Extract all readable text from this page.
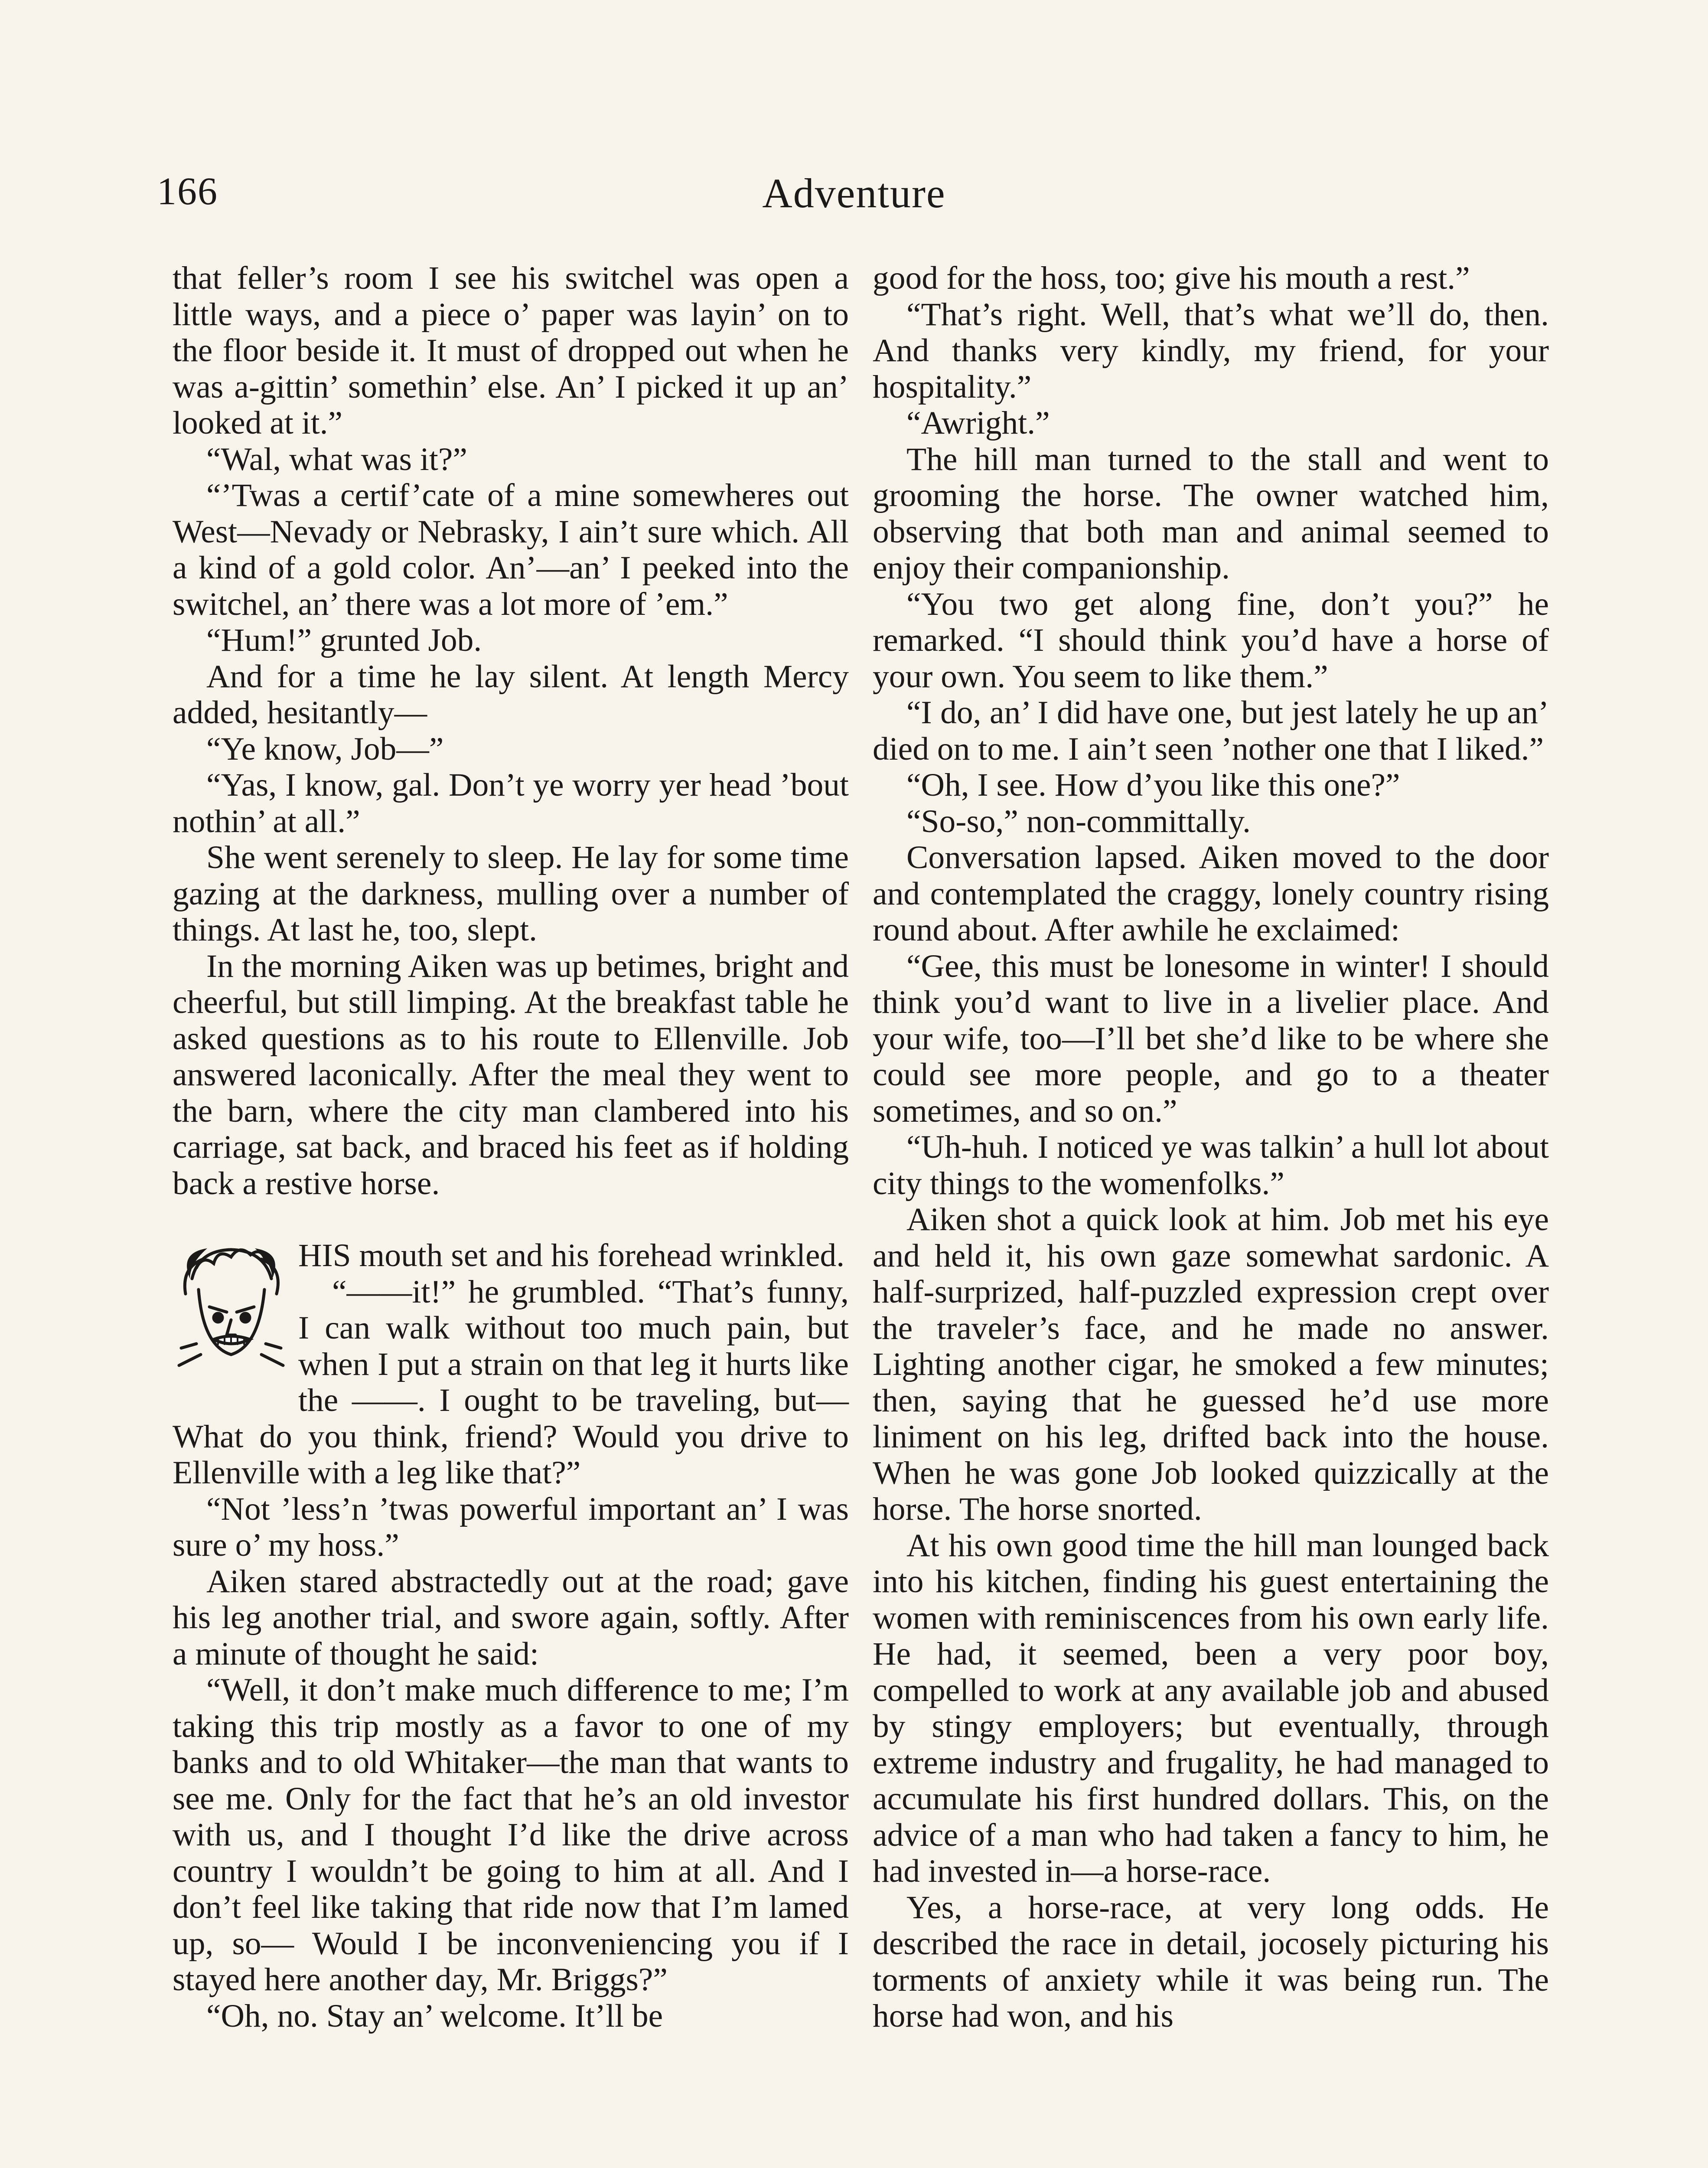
166	Adventure

that feller’s room I see his switchel was open a little ways, and a piece o’ paper was layin’ on to the floor beside it. It must of dropped out when he was a-gittin’ somethin’ else. An’ I picked it up an’ looked at it.”

“Wal, what was it?”

“’Twas a certif’cate of a mine somewheres out West—Nevady or Nebrasky, I ain’t sure which. All a kind of a gold color. An’—an’ I peeked into the switchel, an’ there was a lot more of ’em.”

“Hum!” grunted Job.

And for a time he lay silent. At length Mercy added, hesitantly—

“Ye know, Job—”

“Yas, I know, gal. Don’t ye worry yer head ’bout nothin’ at all.”

She went serenely to sleep. He lay for some time gazing at the darkness, mulling over a number of things. At last he, too, slept.

In the morning Aiken was up betimes, bright and cheerful, but still limping. At the breakfast table he asked questions as to his route to Ellenville. Job answered laconically. After the meal they went to the barn, where the city man clambered into his carriage, sat back, and braced his feet as if holding back a restive horse.

HIS mouth set and his forehead wrinkled.

“——it!” he grumbled. “That’s funny, I can walk without too much pain, but when I put a strain on that leg it hurts like the ——. I ought to be traveling, but— What do you think, friend? Would you drive to Ellenville with a leg like that?”

“Not ’less’n ’twas powerful important an’ I was sure o’ my hoss.”

Aiken stared abstractedly out at the road; gave his leg another trial, and swore again, softly. After a minute of thought he said:

“Well, it don’t make much difference to me; I’m taking this trip mostly as a favor to one of my banks and to old Whitaker—the man that wants to see me. Only for the fact that he’s an old investor with us, and I thought I’d like the drive across country I wouldn’t be going to him at all. And I don’t feel like taking that ride now that I’m lamed up, so— Would I be inconveniencing you if I stayed here another day, Mr. Briggs?”

“Oh, no. Stay an’ welcome. It’ll be

good for the hoss, too; give his mouth a rest.”

“That’s right. Well, that’s what we’ll do, then. And thanks very kindly, my friend, for your hospitality.”

“Awright.”

The hill man turned to the stall and went to grooming the horse. The owner watched him, observing that both man and animal seemed to enjoy their companionship.

“You two get along fine, don’t you?” he remarked. “I should think you’d have a horse of your own. You seem to like them.”

“I do, an’ I did have one, but jest lately he up an’ died on to me. I ain’t seen ’nother one that I liked.”

“Oh, I see. How d’you like this one?”

“So-so,” non-committally.

Conversation lapsed. Aiken moved to the door and contemplated the craggy, lonely country rising round about. After awhile he exclaimed:

“Gee, this must be lonesome in winter! I should think you’d want to live in a livelier place. And your wife, too—I’ll bet she’d like to be where she could see more people, and go to a theater sometimes, and so on.”

“Uh-huh. I noticed ye was talkin’ a hull lot about city things to the womenfolks.”

Aiken shot a quick look at him. Job met his eye and held it, his own gaze somewhat sardonic. A half-surprized, half-puzzled expression crept over the traveler’s face, and he made no answer. Lighting another cigar, he smoked a few minutes; then, saying that he guessed he’d use more liniment on his leg, drifted back into the house. When he was gone Job looked quizzically at the horse. The horse snorted.

At his own good time the hill man lounged back into his kitchen, finding his guest entertaining the women with reminiscences from his own early life. He had, it seemed, been a very poor boy, compelled to work at any available job and abused by stingy employers; but eventually, through extreme industry and frugality, he had managed to accumulate his first hundred dollars. This, on the advice of a man who had taken a fancy to him, he had invested in—a horse-race.

Yes, a horse-race, at very long odds. He described the race in detail, jocosely picturing his torments of anxiety while it was being run. The horse had won, and his
